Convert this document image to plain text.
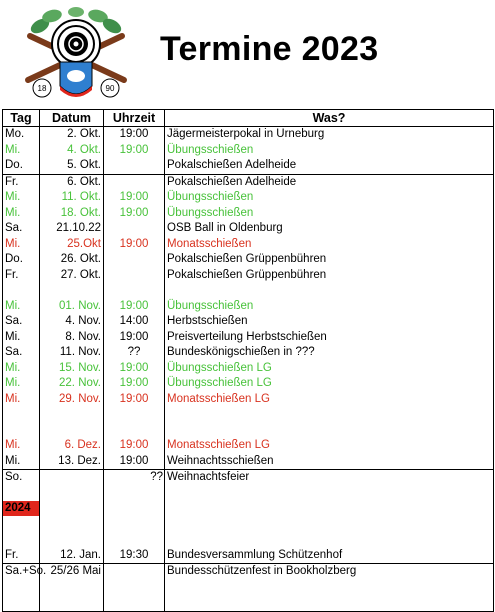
18	90
Termine 2023
Tag	Datum	Uhrzeit	Was?
Mo.	2. Okt.	19:00	Jägermeisterpokal in Urneburg
Mi.	4. Okt.	19:00	Übungsschießen
Do.	5. Okt.		Pokalschießen Adelheide
Fr.	6. Okt.		Pokalschießen Adelheide
Mi.	11. Okt.	19:00	Übungsschießen
Mi.	18. Okt.	19:00	Übungsschießen
Sa.	21.10.22		OSB Ball in Oldenburg
Mi.	25.Okt	19:00	Monatsschießen
Do.	26. Okt.		Pokalschießen Grüppenbühren
Fr.	27. Okt.		Pokalschießen Grüppenbühren

Mi.	01. Nov.	19:00	Übungsschießen
Sa.	4. Nov.	14:00	Herbstschießen
Mi.	8. Nov.	19:00	Preisverteilung Herbstschießen
Sa.	11. Nov.	??	Bundeskönigschießen in ???
Mi.	15. Nov.	19:00	Übungsschießen LG
Mi.	22. Nov.	19:00	Übungsschießen LG
Mi.	29. Nov.	19:00	Monatsschießen LG

Mi.	6. Dez.	19:00	Monatsschießen LG
Mi.	13. Dez.	19:00	Weihnachtsschießen
So.		??	Weihnachtsfeier

2024			

Fr.	12. Jan.	19:30	Bundesversammlung Schützenhof
Sa.+So.	25/26 Mai		Bundesschützenfest in Bookholzberg
